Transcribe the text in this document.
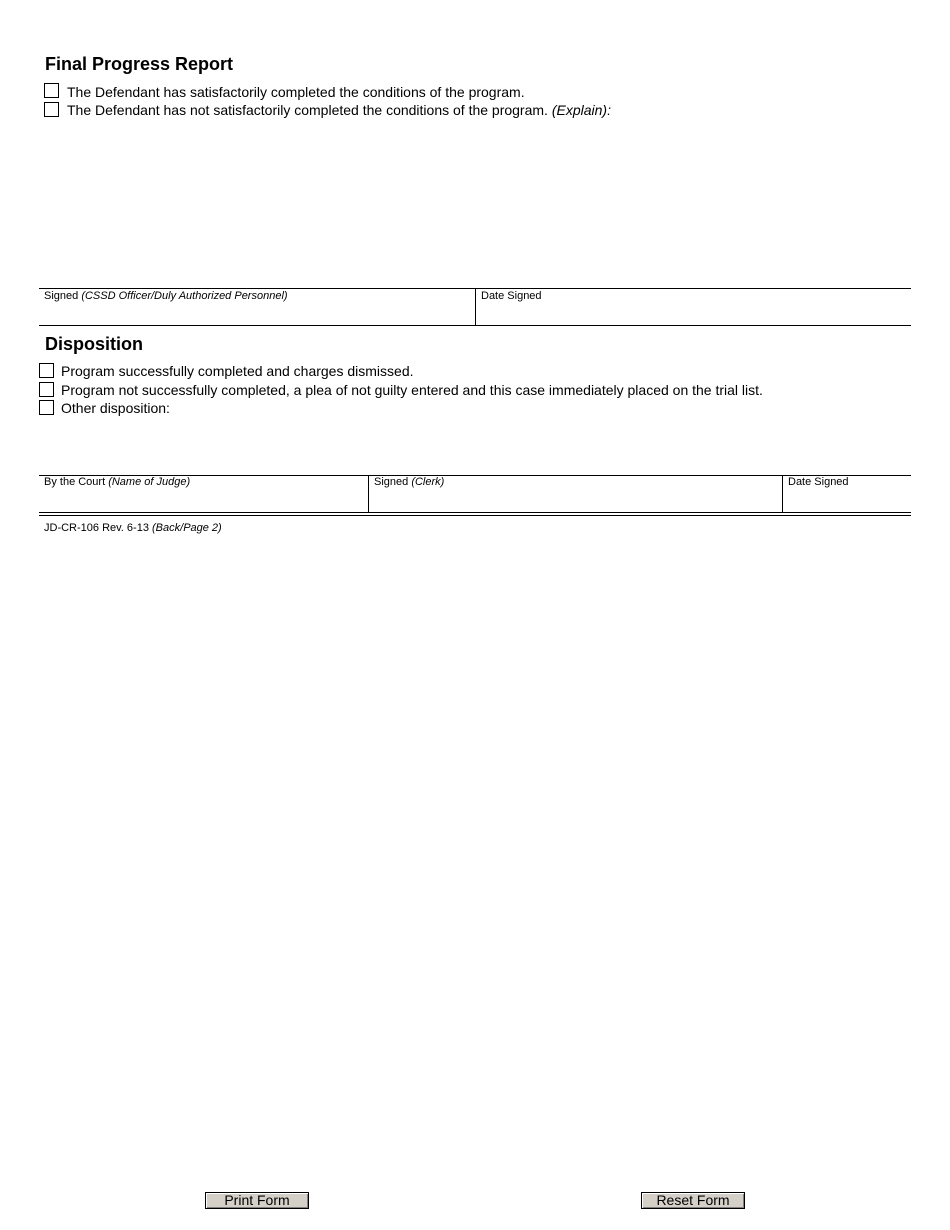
Final Progress Report
The Defendant has satisfactorily completed the conditions of the program.
The Defendant has not satisfactorily completed the conditions of the program. (Explain):
Signed (CSSD Officer/Duly Authorized Personnel)	Date Signed
Disposition
Program successfully completed and charges dismissed.
Program not successfully completed, a plea of not guilty entered and this case immediately placed on the trial list.
Other disposition:
By the Court (Name of Judge)	Signed (Clerk)	Date Signed
JD-CR-106 Rev. 6-13 (Back/Page 2)
Print Form	Reset Form
